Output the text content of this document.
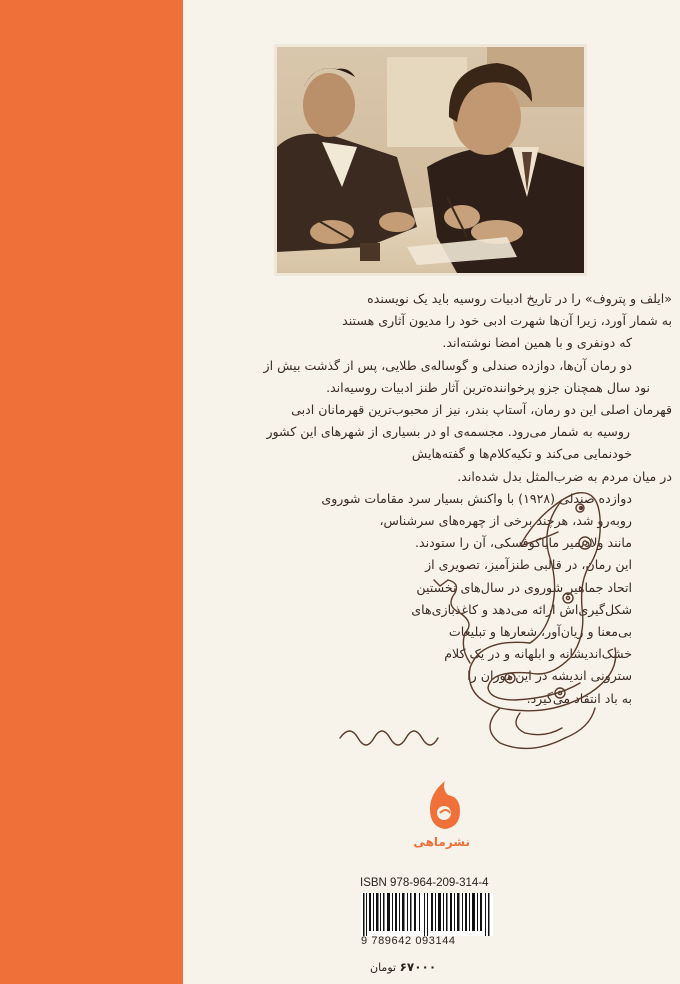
«ایلف و پتروف» را در تاریخ ادبیات روسیه باید یک نویسنده
به شمار آورد، زیرا آن‌ها شهرت ادبی خود را مدیون آثاری هستند
که دونفری و با همین امضا نوشته‌اند.

دو رمان آن‌ها، دوازده صندلی و گوساله‌ی طلایی، پس از گذشت بیش از
نود سال همچنان جزو پرخواننده‌ترین آثار طنز ادبیات روسیه‌اند.

قهرمان اصلی این دو رمان، آستاپ بندر، نیز از محبوب‌ترین قهرمانان ادبی
روسیه به شمار می‌رود. مجسمه‌ی او در بسیاری از شهرهای این کشور
خودنمایی می‌کند و تکیه‌کلام‌ها و گفته‌هایش
در میان مردم به ضرب‌المثل بدل شده‌اند.

دوازده صندلی (۱۹۲۸) با واکنش بسیار سرد مقامات شوروی
روبه‌رو شد، هرچند برخی از چهره‌های سرشناس،
مانند ولادیمیر مایاکوفسکی، آن را ستودند.

این رمان، در قالبی طنزآمیز، تصویری از
اتحاد جماهیر شوروی در سال‌های نخستین
شکل‌گیری‌اش ارائه می‌دهد و کاغذبازی‌های
بی‌معنا و زیان‌آور، شعارها و تبلیغات
خشک‌اندیشانه و ابلهانه و در یک کلام
سترونی اندیشه در این دوران را
به باد انتقاد می‌گیرد.

نشرماهی
ISBN 978-964-209-314-4
9 789642 093144
۶۷۰۰۰ تومان
